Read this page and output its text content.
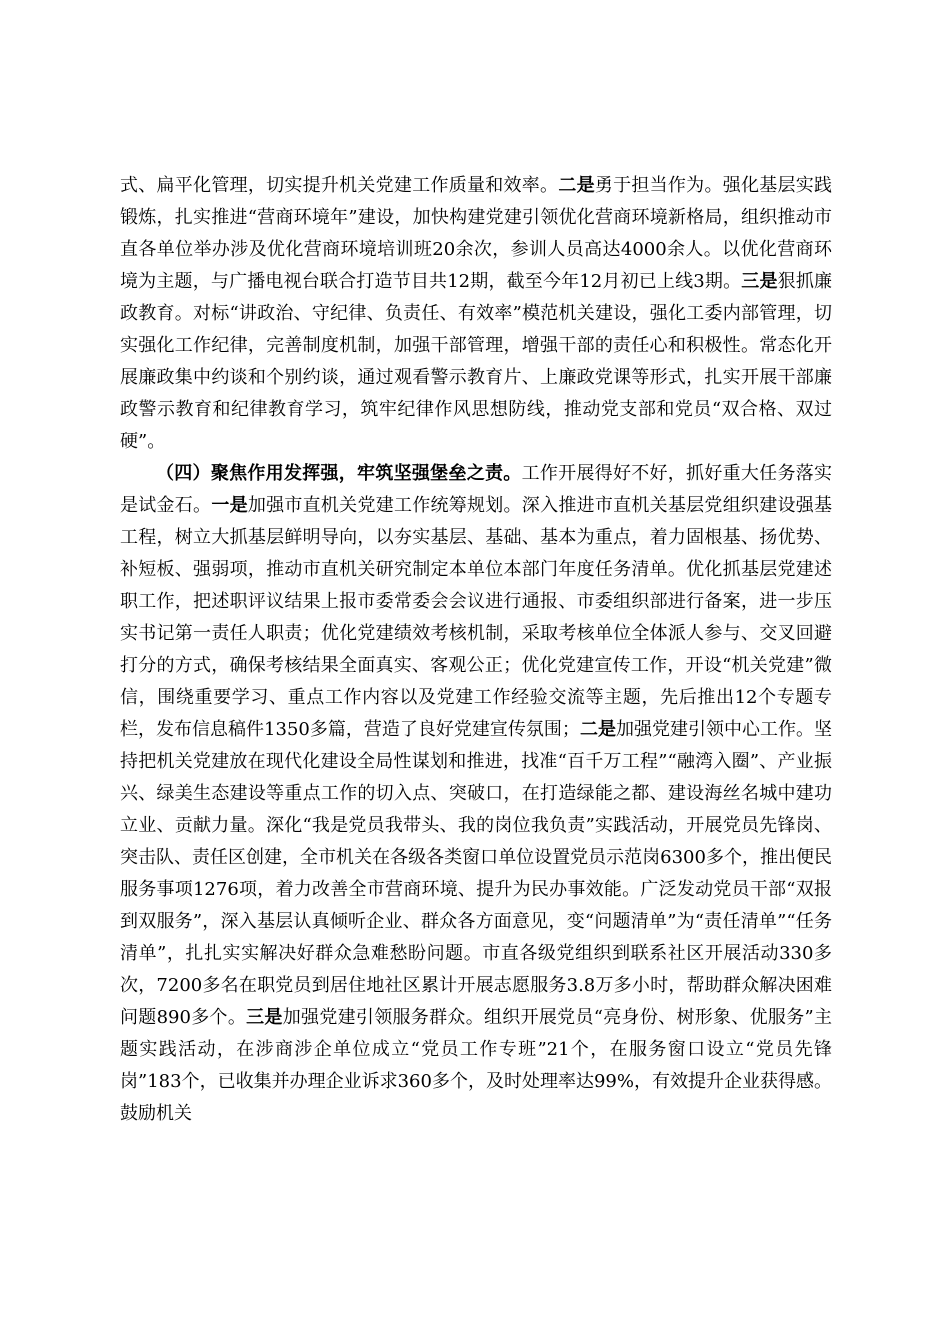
式、扁平化管理，切实提升机关党建工作质量和效率。二是勇于担当作为。强化基层实践锻炼，扎实推进“营商环境年”建设，加快构建党建引领优化营商环境新格局，组织推动市直各单位举办涉及优化营商环境培训班20余次，参训人员高达4000余人。以优化营商环境为主题，与广播电视台联合打造节目共12期，截至今年12月初已上线3期。三是狠抓廉政教育。对标“讲政治、守纪律、负责任、有效率”模范机关建设，强化工委内部管理，切实强化工作纪律，完善制度机制，加强干部管理，增强干部的责任心和积极性。常态化开展廉政集中约谈和个别约谈，通过观看警示教育片、上廉政党课等形式，扎实开展干部廉政警示教育和纪律教育学习，筑牢纪律作风思想防线，推动党支部和党员“双合格、双过硬”。

（四）聚焦作用发挥强，牢筑坚强堡垒之责。工作开展得好不好，抓好重大任务落实是试金石。一是加强市直机关党建工作统筹规划。深入推进市直机关基层党组织建设强基工程，树立大抓基层鲜明导向，以夯实基层、基础、基本为重点，着力固根基、扬优势、补短板、强弱项，推动市直机关研究制定本单位本部门年度任务清单。优化抓基层党建述职工作，把述职评议结果上报市委常委会会议进行通报、市委组织部进行备案，进一步压实书记第一责任人职责；优化党建绩效考核机制，采取考核单位全体派人参与、交叉回避打分的方式，确保考核结果全面真实、客观公正；优化党建宣传工作，开设“机关党建”微信，围绕重要学习、重点工作内容以及党建工作经验交流等主题，先后推出12个专题专栏，发布信息稿件1350多篇，营造了良好党建宣传氛围；二是加强党建引领中心工作。坚持把机关党建放在现代化建设全局性谋划和推进，找准“百千万工程”“融湾入圈”、产业振兴、绿美生态建设等重点工作的切入点、突破口，在打造绿能之都、建设海丝名城中建功立业、贡献力量。深化“我是党员我带头、我的岗位我负责”实践活动，开展党员先锋岗、突击队、责任区创建，全市机关在各级各类窗口单位设置党员示范岗6300多个，推出便民服务事项1276项，着力改善全市营商环境、提升为民办事效能。广泛发动党员干部“双报到双服务”，深入基层认真倾听企业、群众各方面意见，变“问题清单”为“责任清单”“任务清单”，扎扎实实解决好群众急难愁盼问题。市直各级党组织到联系社区开展活动330多次，7200多名在职党员到居住地社区累计开展志愿服务3.8万多小时，帮助群众解决困难问题890多个。三是加强党建引领服务群众。组织开展党员“亮身份、树形象、优服务”主题实践活动，在涉商涉企单位成立“党员工作专班”21个，在服务窗口设立“党员先锋岗”183个，已收集并办理企业诉求360多个，及时处理率达99%，有效提升企业获得感。鼓励机关
